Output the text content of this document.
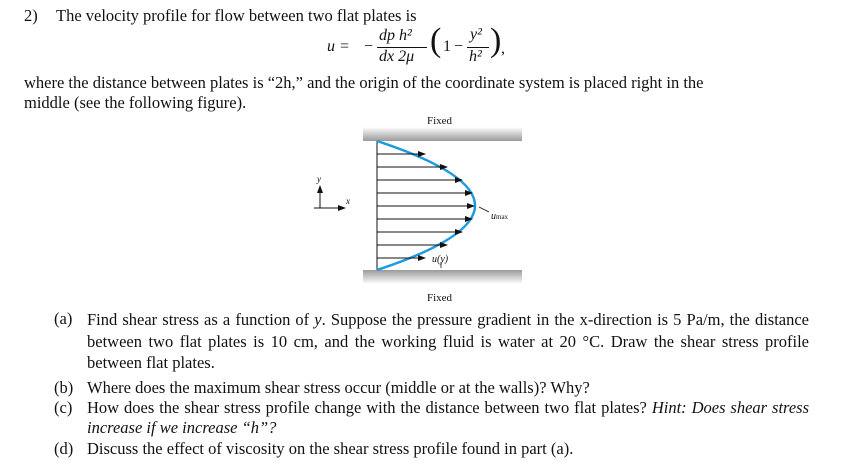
2) The velocity profile for flow between two flat plates is
u = −
dp h²
dx 2μ ( 1 −
y²
h² ) ,
where the distance between plates is “2h,” and the origin of the coordinate system is placed right in the
middle (see the following figure).
Fixed
Fixed
y
x
umax
u(y)
(a) Find shear stress as a function of y. Suppose the pressure gradient in the x-direction is 5 Pa/m, the distance between two flat plates is 10 cm, and the working fluid is water at 20 °C. Draw the shear stress profile between flat plates.
(b) Where does the maximum shear stress occur (middle or at the walls)? Why?
(c) How does the shear stress profile change with the distance between two flat plates? Hint: Does shear stress increase if we increase “h”?
(d) Discuss the effect of viscosity on the shear stress profile found in part (a).
